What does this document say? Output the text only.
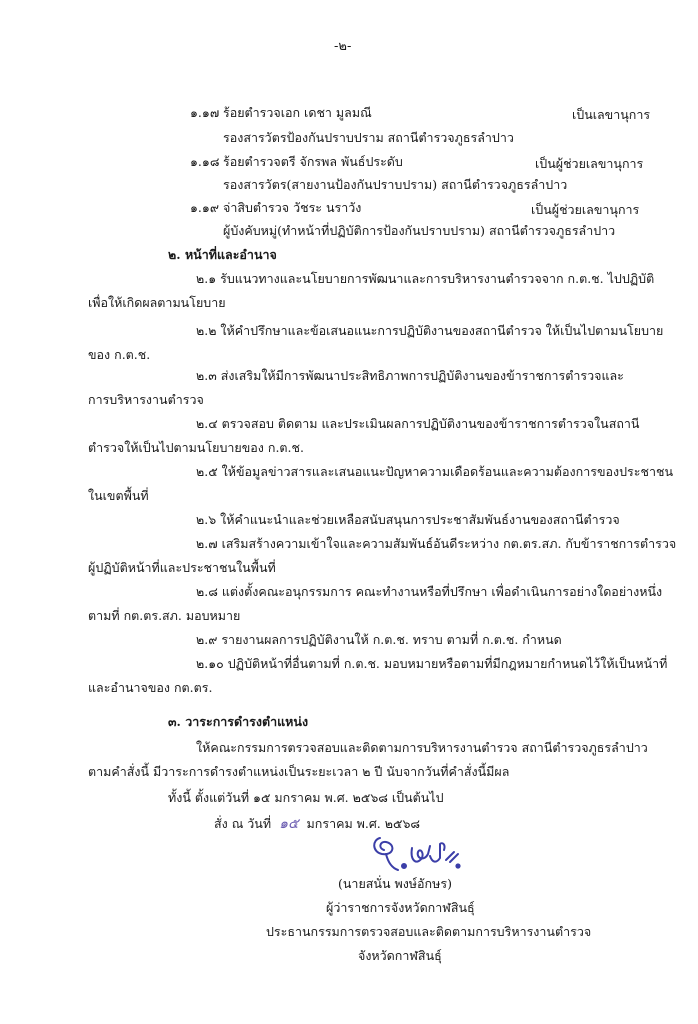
-๒-
๑.๑๗ ร้อยตำรวจเอก เดชา มูลมณี	เป็นเลขานุการ
รองสารวัตรป้องกันปราบปราม สถานีตำรวจภูธรลำปาว
๑.๑๘ ร้อยตำรวจตรี จักรพล พันธ์ประดับ	เป็นผู้ช่วยเลขานุการ
รองสารวัตร(สายงานป้องกันปราบปราม) สถานีตำรวจภูธรลำปาว
๑.๑๙ จ่าสิบตำรวจ วัชระ นราวัง	เป็นผู้ช่วยเลขานุการ
ผู้บังคับหมู่(ทำหน้าที่ปฏิบัติการป้องกันปราบปราม) สถานีตำรวจภูธรลำปาว
๒. หน้าที่และอำนาจ
๒.๑ รับแนวทางและนโยบายการพัฒนาและการบริหารงานตำรวจจาก ก.ต.ช. ไปปฏิบัติ
เพื่อให้เกิดผลตามนโยบาย
๒.๒ ให้คำปรึกษาและข้อเสนอแนะการปฏิบัติงานของสถานีตำรวจ ให้เป็นไปตามนโยบาย
ของ ก.ต.ช.
๒.๓ ส่งเสริมให้มีการพัฒนาประสิทธิภาพการปฏิบัติงานของข้าราชการตำรวจและ
การบริหารงานตำรวจ
๒.๔ ตรวจสอบ ติดตาม และประเมินผลการปฏิบัติงานของข้าราชการตำรวจในสถานี
ตำรวจให้เป็นไปตามนโยบายของ ก.ต.ช.
๒.๕ ให้ข้อมูลข่าวสารและเสนอแนะปัญหาความเดือดร้อนและความต้องการของประชาชน
ในเขตพื้นที่
๒.๖ ให้คำแนะนำและช่วยเหลือสนับสนุนการประชาสัมพันธ์งานของสถานีตำรวจ
๒.๗ เสริมสร้างความเข้าใจและความสัมพันธ์อันดีระหว่าง กต.ตร.สภ. กับข้าราชการตำรวจ
ผู้ปฏิบัติหน้าที่และประชาชนในพื้นที่
๒.๘ แต่งตั้งคณะอนุกรรมการ คณะทำงานหรือที่ปรึกษา เพื่อดำเนินการอย่างใดอย่างหนึ่ง
ตามที่ กต.ตร.สภ. มอบหมาย
๒.๙ รายงานผลการปฏิบัติงานให้ ก.ต.ช. ทราบ ตามที่ ก.ต.ช. กำหนด
๒.๑๐ ปฏิบัติหน้าที่อื่นตามที่ ก.ต.ช. มอบหมายหรือตามที่มีกฎหมายกำหนดไว้ให้เป็นหน้าที่
และอำนาจของ กต.ตร.
๓. วาระการดำรงตำแหน่ง
ให้คณะกรรมการตรวจสอบและติดตามการบริหารงานตำรวจ สถานีตำรวจภูธรลำปาว
ตามคำสั่งนี้ มีวาระการดำรงตำแหน่งเป็นระยะเวลา ๒ ปี นับจากวันที่คำสั่งนี้มีผล
ทั้งนี้ ตั้งแต่วันที่ ๑๕ มกราคม พ.ศ. ๒๕๖๘ เป็นต้นไป
สั่ง ณ วันที่ ๑๕ มกราคม พ.ศ. ๒๕๖๘
(นายสนั่น พงษ์อักษร)
ผู้ว่าราชการจังหวัดกาฬสินธุ์
ประธานกรรมการตรวจสอบและติดตามการบริหารงานตำรวจ
จังหวัดกาฬสินธุ์
